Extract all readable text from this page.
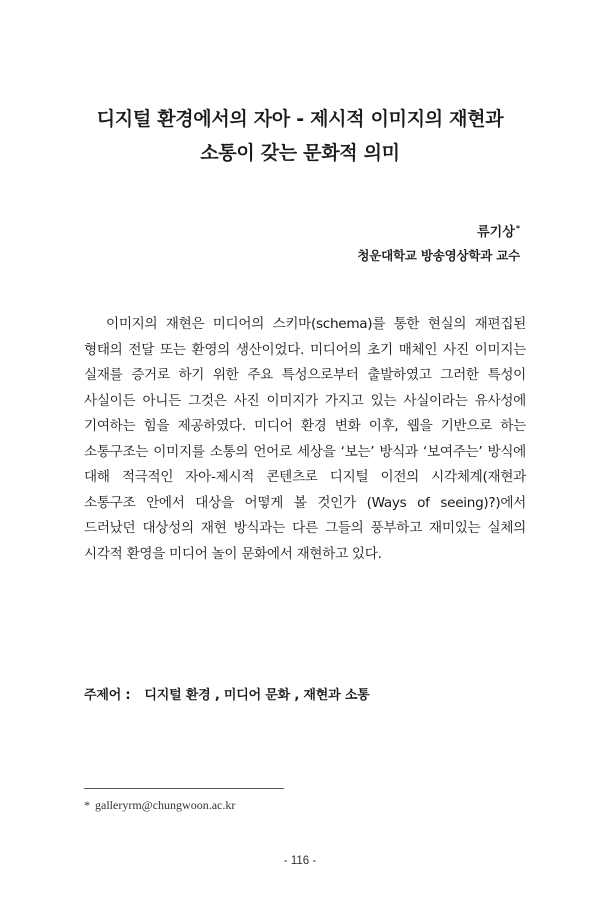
디지털 환경에서의 자아 - 제시적 이미지의 재현과
소통이 갖는 문화적 의미
류기상*
청운대학교 방송영상학과 교수

이미지의 재현은 미디어의 스키마(schema)를 통한 현실의 재편집된 형태의 전달 또는 환영의 생산이었다. 미디어의 초기 매체인 사진 이미지는 실재를 증거로 하기 위한 주요 특성으로부터 출발하였고 그러한 특성이 사실이든 아니든 그것은 사진 이미지가 가지고 있는 사실이라는 유사성에 기여하는 힘을 제공하였다. 미디어 환경 변화 이후, 웹을 기반으로 하는 소통구조는 이미지를 소통의 언어로 세상을 ‘보는’ 방식과 ‘보여주는’ 방식에 대해 적극적인 자아-제시적 콘텐츠로 디지털 이전의 시각체계(재현과 소통구조 안에서 대상을 어떻게 볼 것인가 (Ways of seeing)?)에서 드러났던 대상성의 재현 방식과는 다른 그들의 풍부하고 재미있는 실체의 시각적 환영을 미디어 놀이 문화에서 재현하고 있다.

주제어 : 디지털 환경 , 미디어 문화 , 재현과 소통
* galleryrm@chungwoon.ac.kr
- 116 -
